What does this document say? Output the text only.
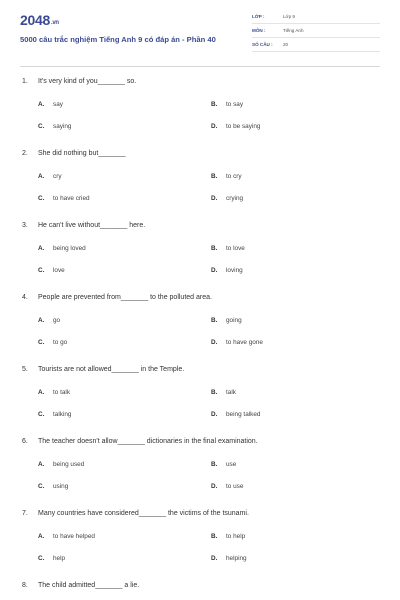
2048.vn
5000 câu trắc nghiệm Tiếng Anh 9 có đáp án - Phần 40
LỚP :	Lớp 9
MÔN :	Tiếng Anh
SỐ CÂU : 20
1. It's very kind of you_______ so.
A. say	B. to say
C. saying	D. to be saying
2. She did nothing but_______
A. cry	B. to cry
C. to have cried	D. crying
3. He can't live without_______ here.
A. being loved	B. to love
C. love	D. loving
4. People are prevented from_______ to the polluted area.
A. go	B. going
C. to go	D. to have gone
5. Tourists are not allowed_______ in the Temple.
A. to talk	B. talk
C. talking	D. being talked
6. The teacher doesn't allow_______ dictionaries in the final examination.
A. being used	B. use
C. using	D. to use
7. Many countries have considered_______ the victims of the tsunami.
A. to have helped	B. to help
C. help	D. helping
8. The child admitted_______ a lie.
